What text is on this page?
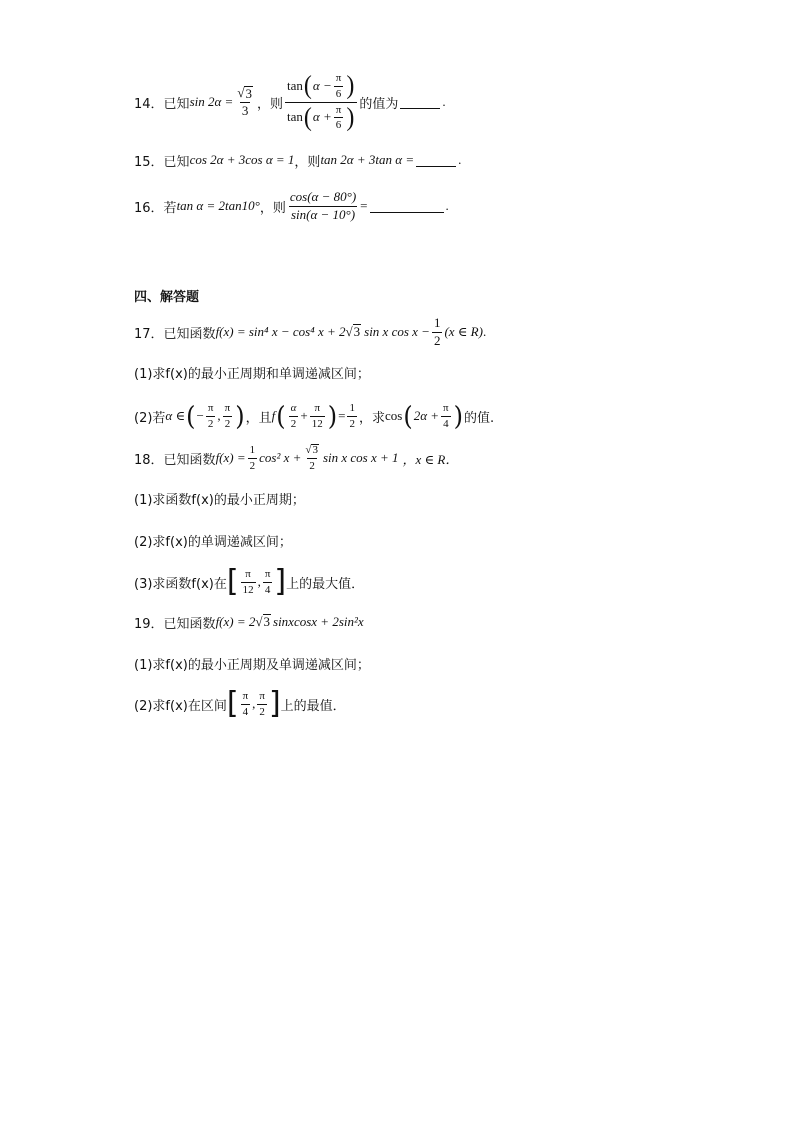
14． 已知 $\sin 2\alpha = \frac{√ 3}{3}$ ，则 $\frac{\tan ( \alpha - \frac{\pi}{6} )}{\tan ( \alpha + \frac{\pi}{6} )}$ 的值为	.
15． 已知 cos 2α + 3cos α = 1 ，则 tan 2α + 3tan α =	.
16． 若 tan α = 2tan10° ，则 $\frac{\cos(\alpha - 80^\circ)}{\sin(\alpha - 10^\circ)}$ =	.
四、解答题
17． 已知函数 f(x) = sin⁴ x − cos⁴ x + 2 √ 3 sin x $\cos x - \frac{1}{2} (x$ ∈ R) .
(1)求f(x)的最小正周期和单调递减区间；
(2)若 α ∈ ( − $\frac{\pi}{2}$ , $\frac{\pi}{2}$ ) ，且 f ( $\frac{\alpha}{2} + \frac{\pi}{12}$ ) = $\frac{1}{2}$ ，求 cos ( $2\alpha + \frac{\pi}{4}$ ) 的值.
18． 已知函数 $f(x) = \frac{1}{2} \cos^2$ $x + \frac{√ 3}{2}$ sin x cos x + 1 ，x ∈ R．
(1)求函数f(x)的最小正周期；
(2)求f(x)的单调递减区间；
(3)求函数f(x)在 [ $\frac{\pi}{12}$ , $\frac{\pi}{4}$ ] 上的最大值．
19． 已知函数 f(x) = 2 √ 3 sinxcosx + 2sin²x
(1)求f(x)的最小正周期及单调递减区间；
(2)求f(x)在区间 [ $\frac{\pi}{4}$ , $\frac{\pi}{2}$ ] 上的最值．
